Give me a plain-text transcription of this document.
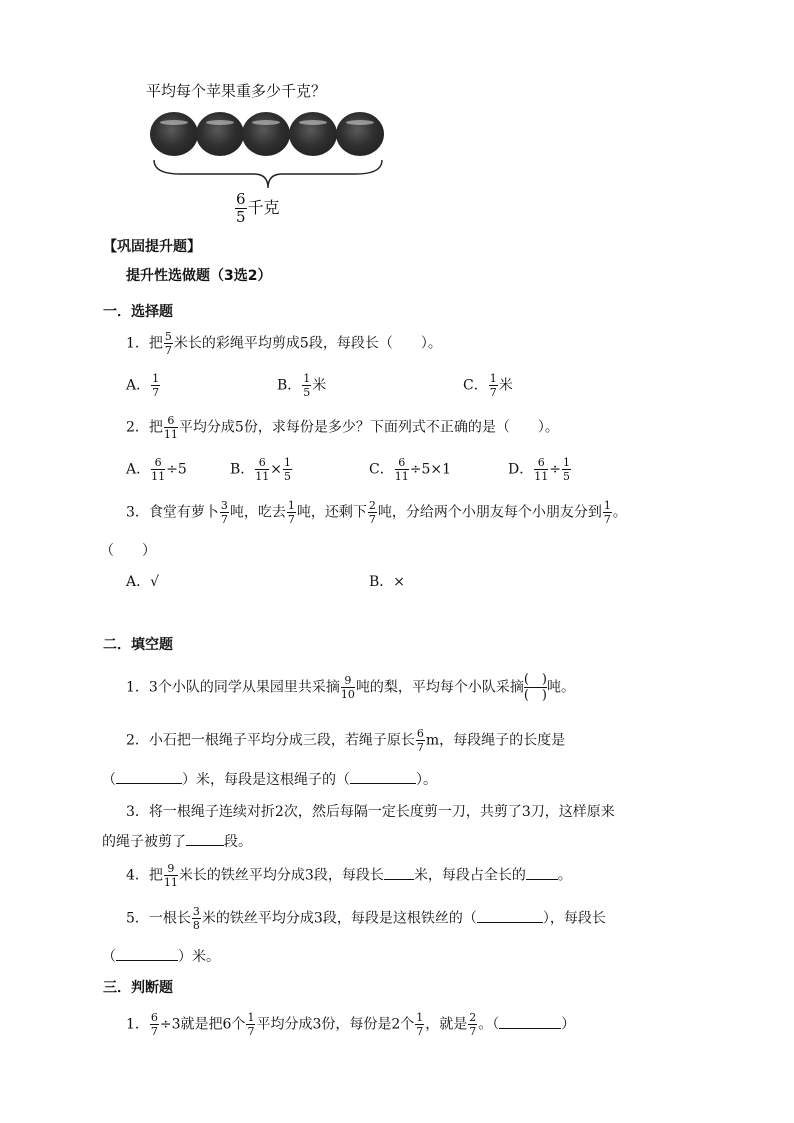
平均每个苹果重多少千克？
$\frac{6}{5}$ 千克
【巩固提升题】
提升性选做题（3选2）
一．选择题
1．把 $\frac{5}{7}$ 米长的彩绳平均剪成5段，每段长（　　）。
A． $\frac{1}{7}$	B． $\frac{1}{5}$ 米	C． $\frac{1}{7}$ 米
2．把 $\frac{6}{11}$ 平均分成5份，求每份是多少？下面列式不正确的是（　　）。
A． $\frac{6}{11} \div 5$	B． $\frac{6}{11} \times \frac{1}{5}$	C． $\frac{6}{11} \div 5\times 1$	D． $\frac{6}{11} \div \frac{1}{5}$
3．食堂有萝卜 $\frac{3}{7}$ 吨，吃去 $\frac{1}{7}$ 吨，还剩下 $\frac{2}{7}$ 吨，分给两个小朋友每个小朋友分到 $\frac{1}{7}$ 。
（　　）
A．√	B．×
二．填空题
1．3个小队的同学从果园里共采摘 $\frac{9}{10}$ 吨的梨，平均每个小队采摘 $\frac{( )}{( )}$ 吨。
2．小石把一根绳子平均分成三段，若绳子原长 $\frac{6}{7}$ m，每段绳子的长度是
（	）米，每段是这根绳子的（	）。
3．将一根绳子连续对折2次，然后每隔一定长度剪一刀，共剪了3刀，这样原来
的绳子被剪了	段。
4．把 $\frac{9}{11}$ 米长的铁丝平均分成3段，每段长 米，每段占全长的 。
5．一根长 $\frac{3}{8}$ 米的铁丝平均分成3段，每段是这根铁丝的（	），每段长
（	）米。
三．判断题
1． $\frac{6}{7} \div 3$就是把6个 $\frac{1}{7}$ 平均分成3份，每份是2个 $\frac{1}{7}$ ，就是 $\frac{2}{7}$ 。（	）
